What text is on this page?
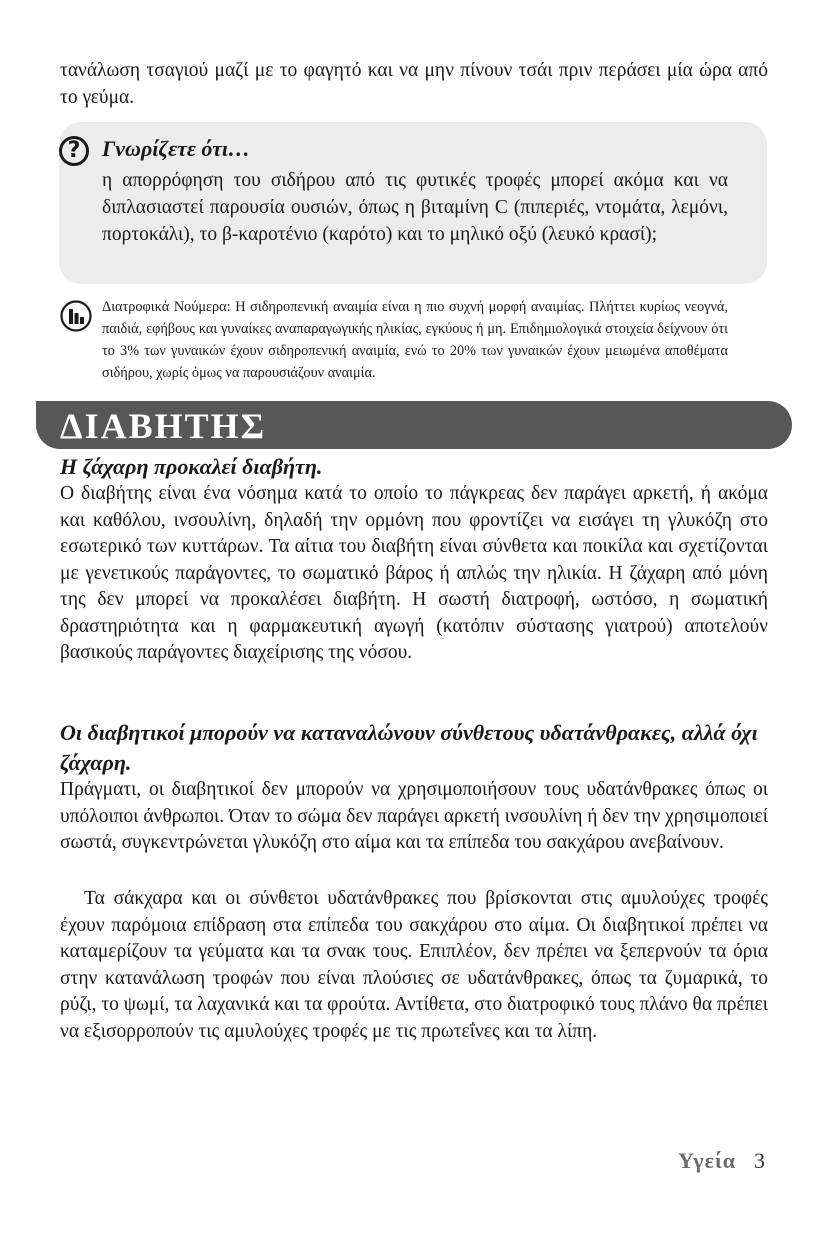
τανάλωση τσαγιού μαζί με το φαγητό και να μην πίνουν τσάι πριν περάσει μία ώρα από το γεύμα.
? Γνωρίζετε ότι…
η απορρόφηση του σιδήρου από τις φυτικές τροφές μπορεί ακόμα και να διπλασιαστεί παρουσία ουσιών, όπως η βιταμίνη C (πιπεριές, ντομάτα, λεμόνι, πορτοκάλι), το β-καροτένιο (καρότο) και το μηλικό οξύ (λευκό κρασί);
Διατροφικά Νούμερα: Η σιδηροπενική αναιμία είναι η πιο συχνή μορφή αναιμίας. Πλήττει κυρίως νεογνά, παιδιά, εφήβους και γυναίκες αναπαραγωγικής ηλικίας, εγκύους ή μη. Επιδημιολογικά στοιχεία δείχνουν ότι το 3% των γυναικών έχουν σιδηροπενική αναιμία, ενώ το 20% των γυναικών έχουν μειωμένα αποθέματα σιδήρου, χωρίς όμως να παρουσιάζουν αναιμία.
ΔΙΑΒΗΤΗΣ
Η ζάχαρη προκαλεί διαβήτη.
Ο διαβήτης είναι ένα νόσημα κατά το οποίο το πάγκρεας δεν παράγει αρκετή, ή ακόμα και καθόλου, ινσουλίνη, δηλαδή την ορμόνη που φροντίζει να εισάγει τη γλυκόζη στο εσωτερικό των κυττάρων. Τα αίτια του διαβήτη είναι σύνθετα και ποικίλα και σχετίζονται με γενετικούς παράγοντες, το σωματικό βάρος ή απλώς την ηλικία. Η ζάχαρη από μόνη της δεν μπορεί να προκαλέσει διαβήτη. Η σωστή διατροφή, ωστόσο, η σωματική δραστηριότητα και η φαρμακευτική αγωγή (κατόπιν σύστασης γιατρού) αποτελούν βασικούς παράγοντες διαχείρισης της νόσου.
Οι διαβητικοί μπορούν να καταναλώνουν σύνθετους υδατάνθρακες, αλλά όχι ζάχαρη.
Πράγματι, οι διαβητικοί δεν μπορούν να χρησιμοποιήσουν τους υδατάνθρακες όπως οι υπόλοιποι άνθρωποι. Όταν το σώμα δεν παράγει αρκετή ινσουλίνη ή δεν την χρησιμοποιεί σωστά, συγκεντρώνεται γλυκόζη στο αίμα και τα επίπεδα του σακχάρου ανεβαίνουν.
Τα σάκχαρα και οι σύνθετοι υδατάνθρακες που βρίσκονται στις αμυλούχες τροφές έχουν παρόμοια επίδραση στα επίπεδα του σακχάρου στο αίμα. Οι διαβητικοί πρέπει να καταμερίζουν τα γεύματα και τα σνακ τους. Επιπλέον, δεν πρέπει να ξεπερνούν τα όρια στην κατανάλωση τροφών που είναι πλούσιες σε υδατάνθρακες, όπως τα ζυμαρικά, το ρύζι, το ψωμί, τα λαχανικά και τα φρούτα. Αντίθετα, στο διατροφικό τους πλάνο θα πρέπει να εξισορροπούν τις αμυλούχες τροφές με τις πρωτεΐνες και τα λίπη.
Υγεία 3
